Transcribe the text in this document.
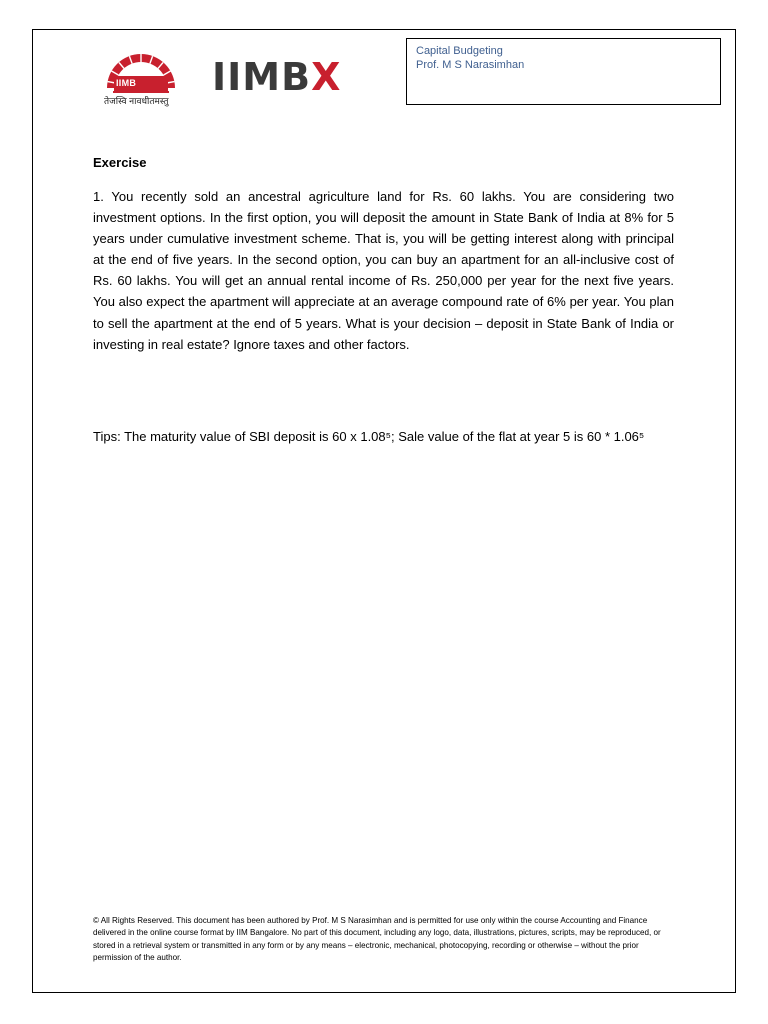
IIMB
तेजस्वि नावधीतमस्तु
IIMBX
Capital Budgeting
Prof. M S Narasimhan
Exercise
1. You recently sold an ancestral agriculture land for Rs. 60 lakhs. You are considering two investment options. In the first option, you will deposit the amount in State Bank of India at 8% for 5 years under cumulative investment scheme. That is, you will be getting interest along with principal at the end of five years. In the second option, you can buy an apartment for an all-inclusive cost of Rs. 60 lakhs. You will get an annual rental income of Rs. 250,000 per year for the next five years. You also expect the apartment will appreciate at an average compound rate of 6% per year. You plan to sell the apartment at the end of 5 years. What is your decision – deposit in State Bank of India or investing in real estate? Ignore taxes and other factors.
Tips: The maturity value of SBI deposit is 60 x 1.08⁵; Sale value of the flat at year 5 is 60 * 1.06⁵
© All Rights Reserved. This document has been authored by Prof. M S Narasimhan and is permitted for use only within the course Accounting and Finance delivered in the online course format by IIM Bangalore. No part of this document, including any logo, data, illustrations, pictures, scripts, may be reproduced, or stored in a retrieval system or transmitted in any form or by any means – electronic, mechanical, photocopying, recording or otherwise – without the prior permission of the author.
